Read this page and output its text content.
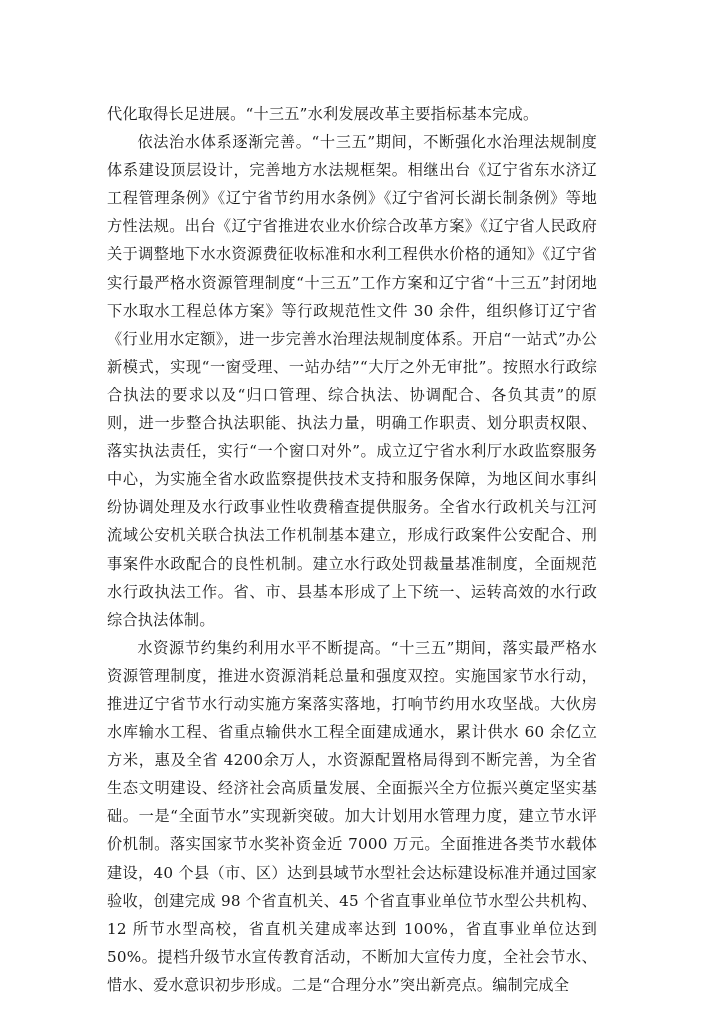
代化取得长足进展。“十三五”水利发展改革主要指标基本完成。

依法治水体系逐渐完善。“十三五”期间，不断强化水治理法规制度体系建设顶层设计，完善地方水法规框架。相继出台《辽宁省东水济辽工程管理条例》《辽宁省节约用水条例》《辽宁省河长湖长制条例》等地方性法规。出台《辽宁省推进农业水价综合改革方案》《辽宁省人民政府关于调整地下水水资源费征收标准和水利工程供水价格的通知》《辽宁省实行最严格水资源管理制度“十三五”工作方案和辽宁省“十三五”封闭地下水取水工程总体方案》等行政规范性文件 30 余件，组织修订辽宁省《行业用水定额》，进一步完善水治理法规制度体系。开启“一站式”办公新模式，实现“一窗受理、一站办结”“大厅之外无审批”。按照水行政综合执法的要求以及“归口管理、综合执法、协调配合、各负其责”的原则，进一步整合执法职能、执法力量，明确工作职责、划分职责权限、落实执法责任，实行“一个窗口对外”。成立辽宁省水利厅水政监察服务中心，为实施全省水政监察提供技术支持和服务保障，为地区间水事纠纷协调处理及水行政事业性收费稽查提供服务。全省水行政机关与江河流域公安机关联合执法工作机制基本建立，形成行政案件公安配合、刑事案件水政配合的良性机制。建立水行政处罚裁量基准制度，全面规范水行政执法工作。省、市、县基本形成了上下统一、运转高效的水行政综合执法体制。

水资源节约集约利用水平不断提高。“十三五”期间，落实最严格水资源管理制度，推进水资源消耗总量和强度双控。实施国家节水行动，推进辽宁省节水行动实施方案落实落地，打响节约用水攻坚战。大伙房水库输水工程、省重点输供水工程全面建成通水，累计供水 60 余亿立方米，惠及全省 4200余万人，水资源配置格局得到不断完善，为全省生态文明建设、经济社会高质量发展、全面振兴全方位振兴奠定坚实基础。一是“全面节水”实现新突破。加大计划用水管理力度，建立节水评价机制。落实国家节水奖补资金近 7000 万元。全面推进各类节水载体建设，40 个县（市、区）达到县域节水型社会达标建设标准并通过国家验收，创建完成 98 个省直机关、45 个省直事业单位节水型公共机构、12 所节水型高校，省直机关建成率达到 100%，省直事业单位达到 50%。提档升级节水宣传教育活动，不断加大宣传力度，全社会节水、惜水、爱水意识初步形成。二是“合理分水”突出新亮点。编制完成全
